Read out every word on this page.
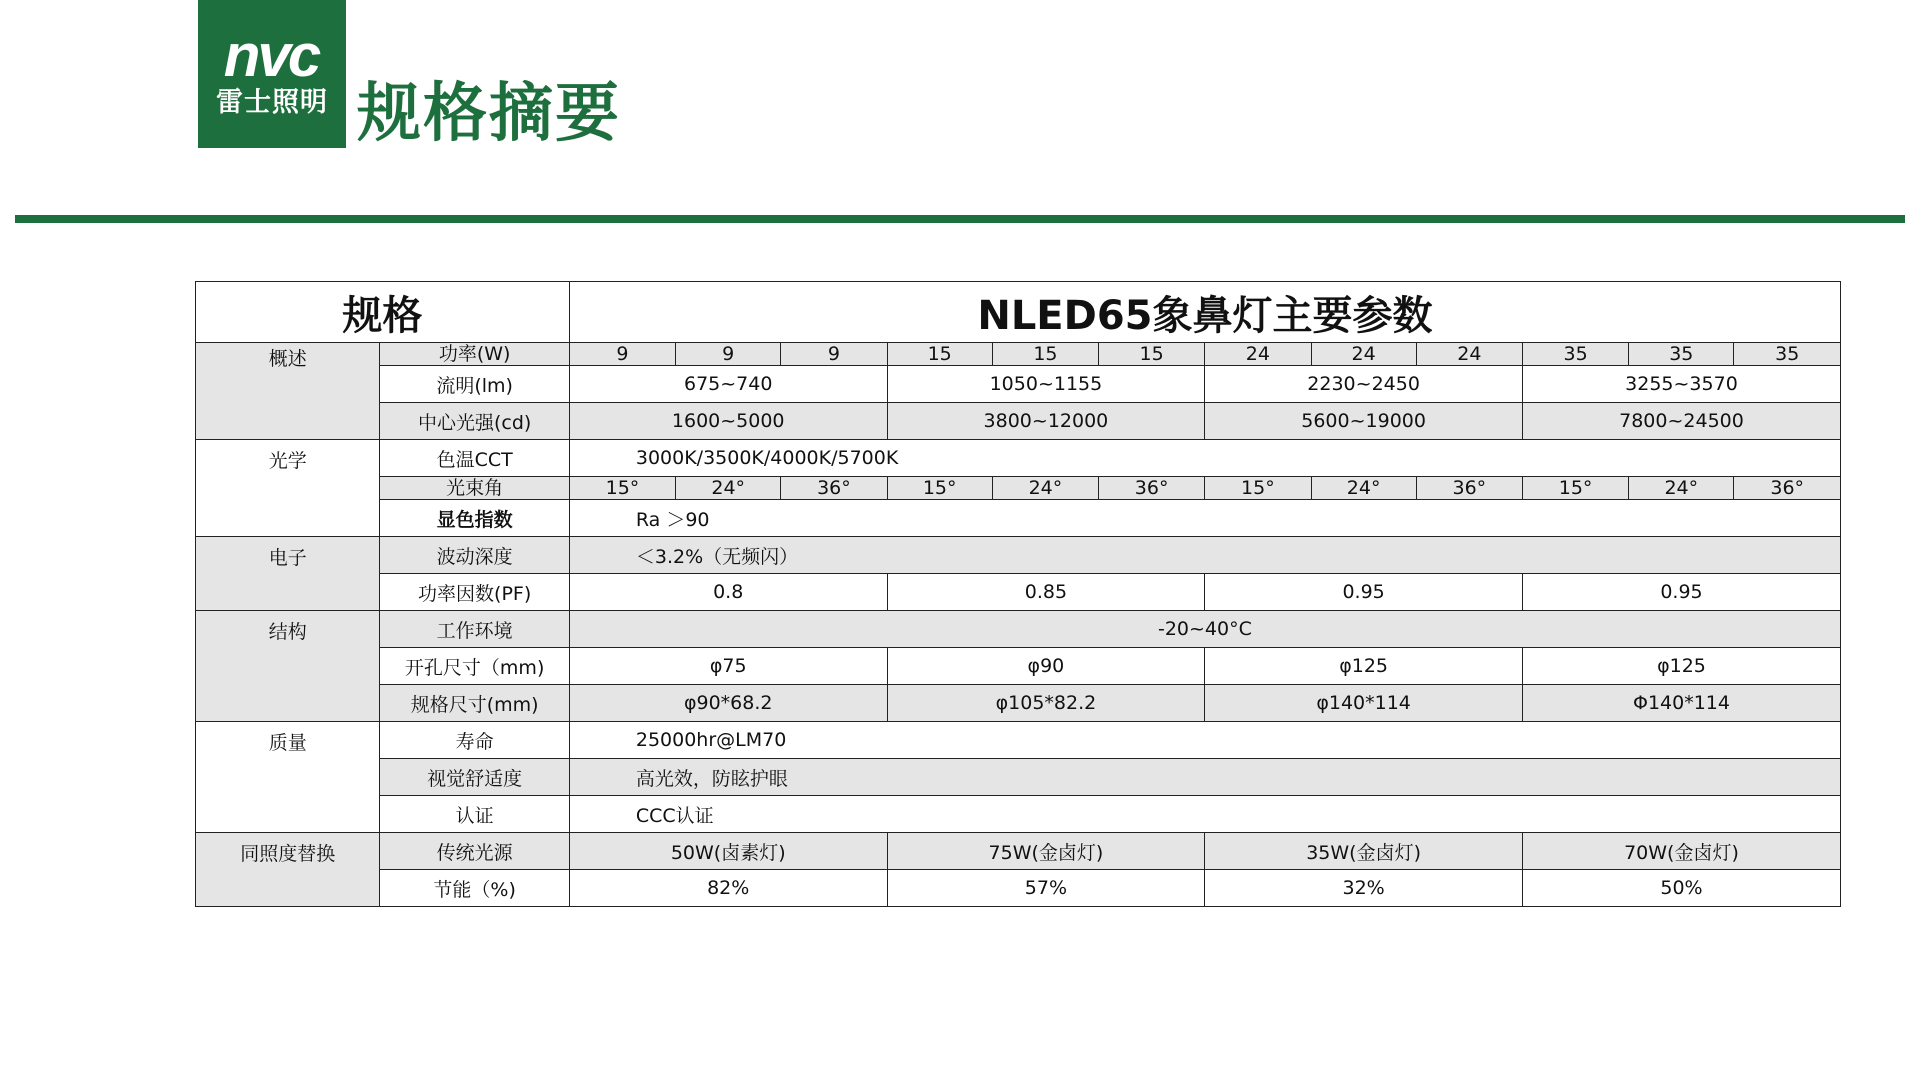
nvc
雷士照明 规格摘要
规格		NLED65象鼻灯主要参数											
概述	功率(W)	9	9	9	15	15	15	24	24	24	35	35	35
	流明(lm)	675~740			1050~1155			2230~2450			3255~3570		
	中心光强(cd)	1600~5000			3800~12000			5600~19000			7800~24500		
光学	色温CCT	3000K/3500K/4000K/5700K											
	光束角	15°	24°	36°	15°	24°	36°	15°	24°	36°	15°	24°	36°
	显色指数	Ra ＞90											
电子	波动深度	＜3.2%（无频闪）											
	功率因数(PF)	0.8			0.85			0.95			0.95		
结构	工作环境	-20~40°C											
	开孔尺寸（mm)	φ75			φ90			φ125			φ125		
	规格尺寸(mm)	φ90*68.2			φ105*82.2			φ140*114			Φ140*114		
质量	寿命	25000hr@LM70											
	视觉舒适度	高光效，防眩护眼											
	认证	CCC认证											
同照度替换	传统光源	50W(卤素灯)			75W(金卤灯)			35W(金卤灯)			70W(金卤灯)		
	节能（%)	82%			57%			32%			50%		
